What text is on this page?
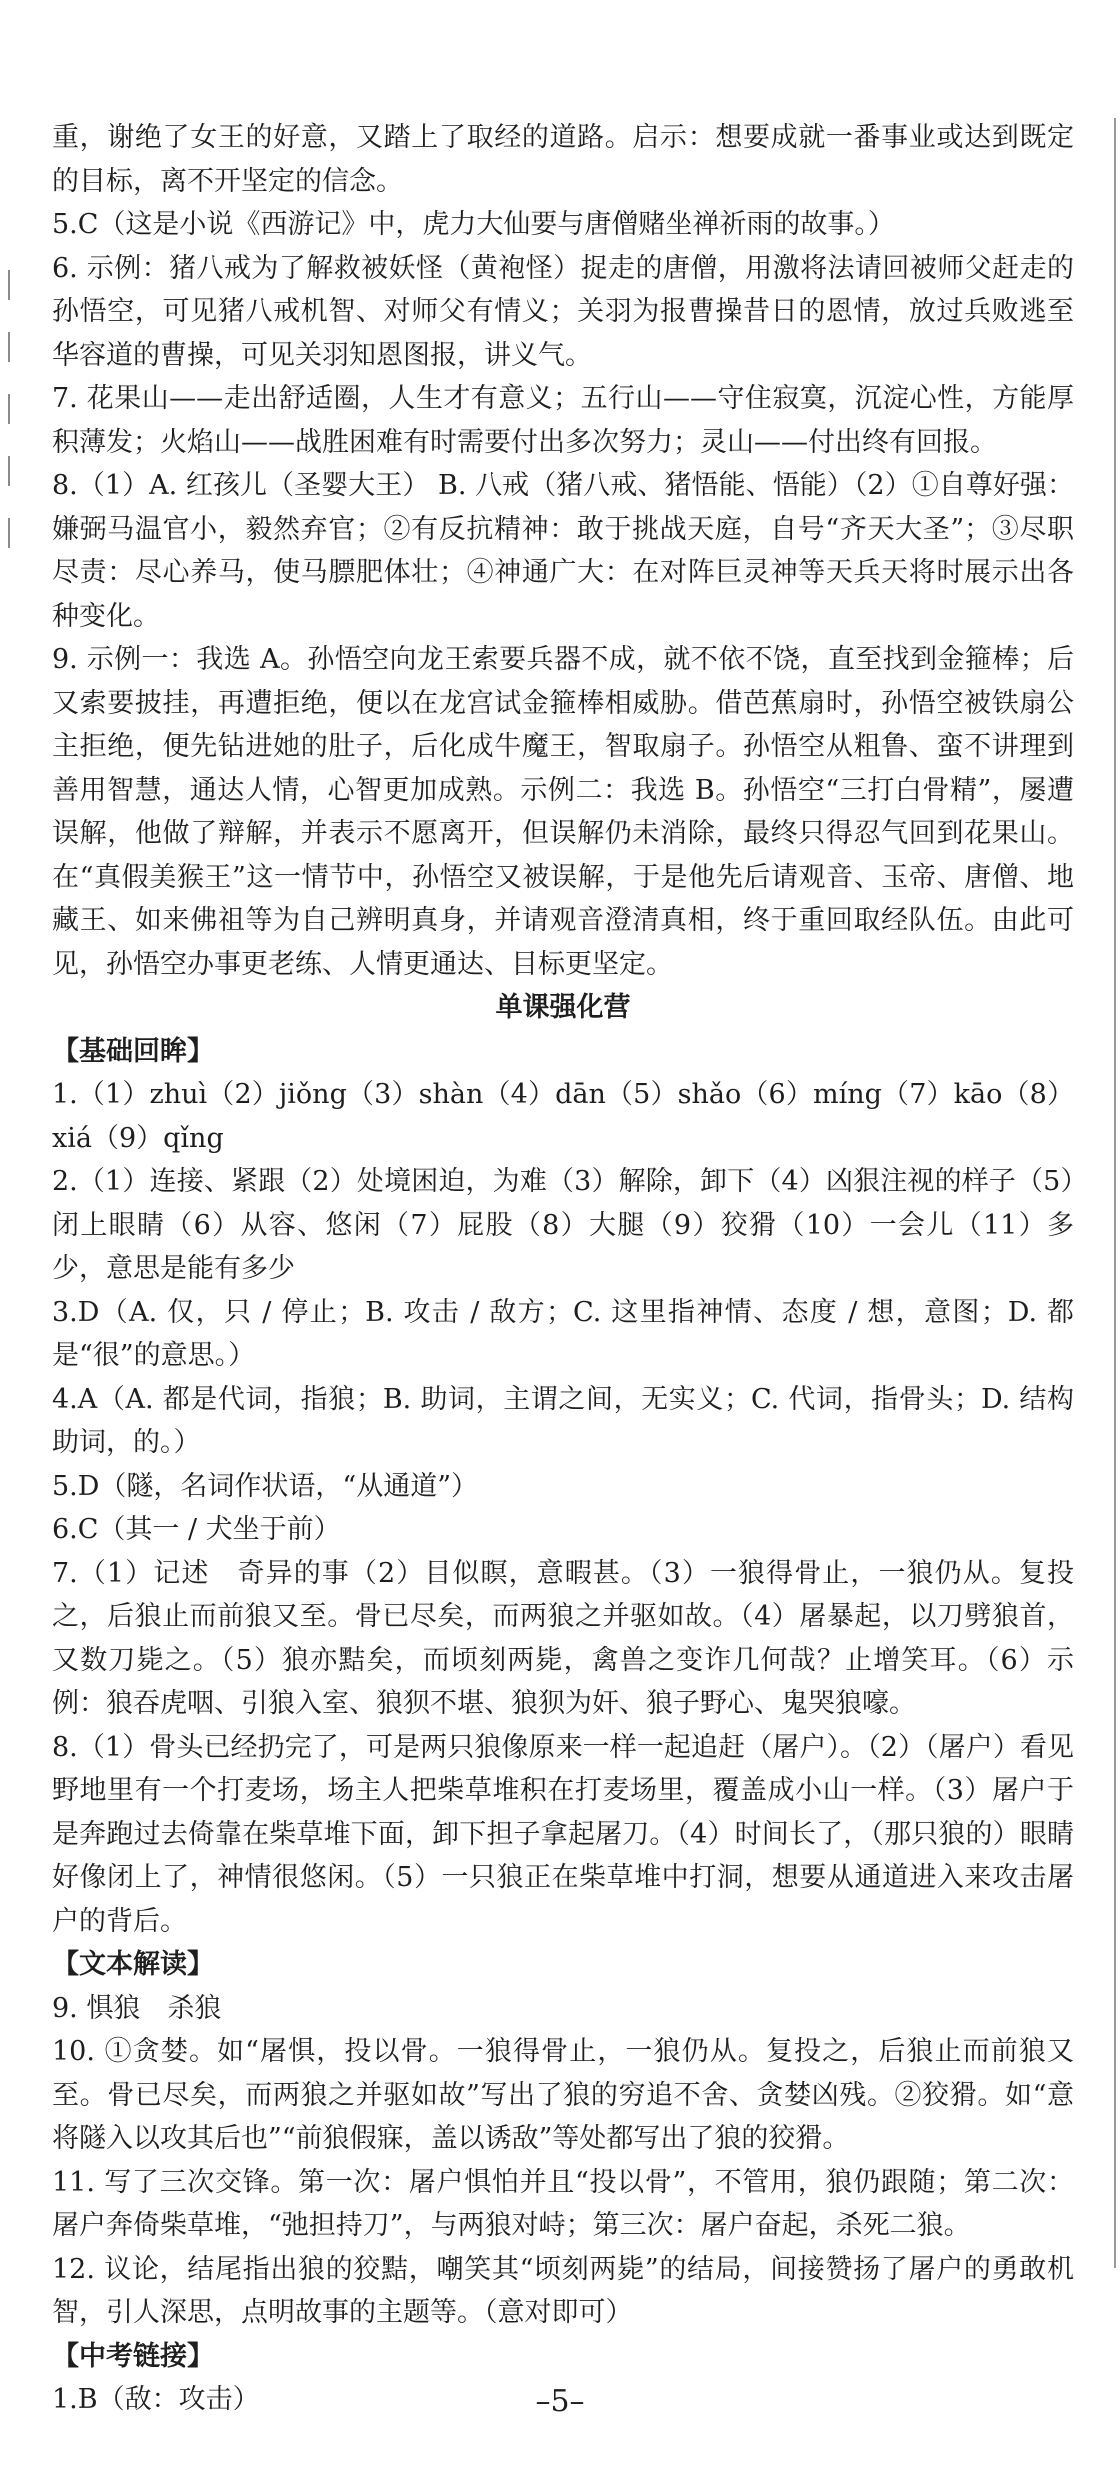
重，谢绝了女王的好意，又踏上了取经的道路。启示：想要成就一番事业或达到既定的目标，离不开坚定的信念。

5.C（这是小说《西游记》中，虎力大仙要与唐僧赌坐禅祈雨的故事。）

6. 示例：猪八戒为了解救被妖怪（黄袍怪）捉走的唐僧，用激将法请回被师父赶走的孙悟空，可见猪八戒机智、对师父有情义；关羽为报曹操昔日的恩情，放过兵败逃至华容道的曹操，可见关羽知恩图报，讲义气。

7. 花果山——走出舒适圈，人生才有意义；五行山——守住寂寞，沉淀心性，方能厚积薄发；火焰山——战胜困难有时需要付出多次努力；灵山——付出终有回报。

8.（1）A. 红孩儿（圣婴大王） B. 八戒（猪八戒、猪悟能、悟能）（2）①自尊好强：嫌弼马温官小，毅然弃官；②有反抗精神：敢于挑战天庭，自号“齐天大圣”；③尽职尽责：尽心养马，使马膘肥体壮；④神通广大：在对阵巨灵神等天兵天将时展示出各种变化。

9. 示例一：我选 A。孙悟空向龙王索要兵器不成，就不依不饶，直至找到金箍棒；后又索要披挂，再遭拒绝，便以在龙宫试金箍棒相威胁。借芭蕉扇时，孙悟空被铁扇公主拒绝，便先钻进她的肚子，后化成牛魔王，智取扇子。孙悟空从粗鲁、蛮不讲理到善用智慧，通达人情，心智更加成熟。示例二：我选 B。孙悟空“三打白骨精”，屡遭误解，他做了辩解，并表示不愿离开，但误解仍未消除，最终只得忍气回到花果山。在“真假美猴王”这一情节中，孙悟空又被误解，于是他先后请观音、玉帝、唐僧、地藏王、如来佛祖等为自己辨明真身，并请观音澄清真相，终于重回取经队伍。由此可见，孙悟空办事更老练、人情更通达、目标更坚定。

单课强化营

【基础回眸】

1.（1）zhuì（2）jiǒng（3）shàn（4）dān（5）shǎo（6）míng（7）kāo（8）xiá（9）qǐng

2.（1）连接、紧跟（2）处境困迫，为难（3）解除，卸下（4）凶狠注视的样子（5）闭上眼睛（6）从容、悠闲（7）屁股（8）大腿（9）狡猾（10）一会儿（11）多少，意思是能有多少

3.D（A. 仅，只 / 停止；B. 攻击 / 敌方；C. 这里指神情、态度 / 想，意图；D. 都是“很”的意思。）

4.A（A. 都是代词，指狼；B. 助词，主谓之间，无实义；C. 代词，指骨头；D. 结构助词，的。）

5.D（隧，名词作状语，“从通道”）

6.C（其一 / 犬坐于前）

7.（1）记述　奇异的事（2）目似瞑，意暇甚。（3）一狼得骨止，一狼仍从。复投之，后狼止而前狼又至。骨已尽矣，而两狼之并驱如故。（4）屠暴起，以刀劈狼首，又数刀毙之。（5）狼亦黠矣，而顷刻两毙，禽兽之变诈几何哉？止增笑耳。（6）示例：狼吞虎咽、引狼入室、狼狈不堪、狼狈为奸、狼子野心、鬼哭狼嚎。

8.（1）骨头已经扔完了，可是两只狼像原来一样一起追赶（屠户）。（2）（屠户）看见野地里有一个打麦场，场主人把柴草堆积在打麦场里，覆盖成小山一样。（3）屠户于是奔跑过去倚靠在柴草堆下面，卸下担子拿起屠刀。（4）时间长了，（那只狼的）眼睛好像闭上了，神情很悠闲。（5）一只狼正在柴草堆中打洞，想要从通道进入来攻击屠户的背后。

【文本解读】

9. 惧狼　杀狼

10. ①贪婪。如“屠惧，投以骨。一狼得骨止，一狼仍从。复投之，后狼止而前狼又至。骨已尽矣，而两狼之并驱如故”写出了狼的穷追不舍、贪婪凶残。②狡猾。如“意将隧入以攻其后也”“前狼假寐，盖以诱敌”等处都写出了狼的狡猾。

11. 写了三次交锋。第一次：屠户惧怕并且“投以骨”，不管用，狼仍跟随；第二次：屠户奔倚柴草堆，“弛担持刀”，与两狼对峙；第三次：屠户奋起，杀死二狼。

12. 议论，结尾指出狼的狡黠，嘲笑其“顷刻两毙”的结局，间接赞扬了屠户的勇敢机智，引人深思，点明故事的主题等。（意对即可）

【中考链接】

1.B（敌：攻击）	–5–
